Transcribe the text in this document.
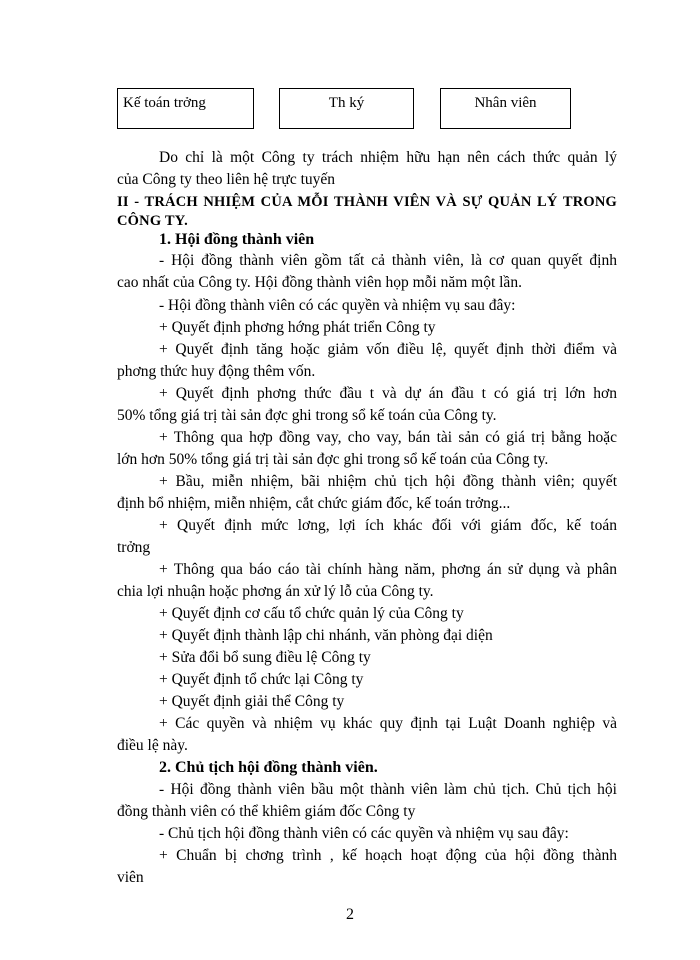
Kế toán trởng	Th ký	Nhân viên
Do chỉ là một Công ty trách nhiệm hữu hạn nên cách thức quản lý
của Công ty theo liên hệ trực tuyến
II - TRÁCH NHIỆM CỦA MỖI THÀNH VIÊN VÀ SỰ QUẢN LÝ TRONG
CÔNG TY.
1. Hội đồng thành viên
- Hội đồng thành viên gồm tất cả thành viên, là cơ quan quyết định
cao nhất của Công ty. Hội đồng thành viên họp mỗi năm một lần.
- Hội đồng thành viên có các quyền và nhiệm vụ sau đây:
+ Quyết định phơng hớng phát triển Công ty
+ Quyết định tăng hoặc giảm vốn điều lệ, quyết định thời điểm và
phơng thức huy động thêm vốn.
+ Quyết định phơng thức đầu t và dự án đầu t có giá trị lớn hơn
50% tổng giá trị tài sản đợc ghi trong sổ kế toán của Công ty.
+ Thông qua hợp đồng vay, cho vay, bán tài sản có giá trị bằng hoặc
lớn hơn 50% tổng giá trị tài sản đợc ghi trong sổ kế toán của Công ty.
+ Bầu, miễn nhiệm, bãi nhiệm chủ tịch hội đồng thành viên; quyết
định bổ nhiệm, miễn nhiệm, cắt chức giám đốc, kế toán trởng...
+ Quyết định mức lơng, lợi ích khác đối với giám đốc, kế toán
trởng
+ Thông qua báo cáo tài chính hàng năm, phơng án sử dụng và phân
chia lợi nhuận hoặc phơng án xử lý lỗ của Công ty.
+ Quyết định cơ cấu tổ chức quản lý của Công ty
+ Quyết định thành lập chi nhánh, văn phòng đại diện
+ Sửa đổi bổ sung điều lệ Công ty
+ Quyết định tổ chức lại Công ty
+ Quyết định giải thể Công ty
+ Các quyền và nhiệm vụ khác quy định tại Luật Doanh nghiệp và
điều lệ này.
2. Chủ tịch hội đồng thành viên.
- Hội đồng thành viên bầu một thành viên làm chủ tịch. Chủ tịch hội
đồng thành viên có thể khiêm giám đốc Công ty
- Chủ tịch hội đồng thành viên có các quyền và nhiệm vụ sau đây:
+ Chuẩn bị chơng trình , kế hoạch hoạt động của hội đồng thành
viên
2
